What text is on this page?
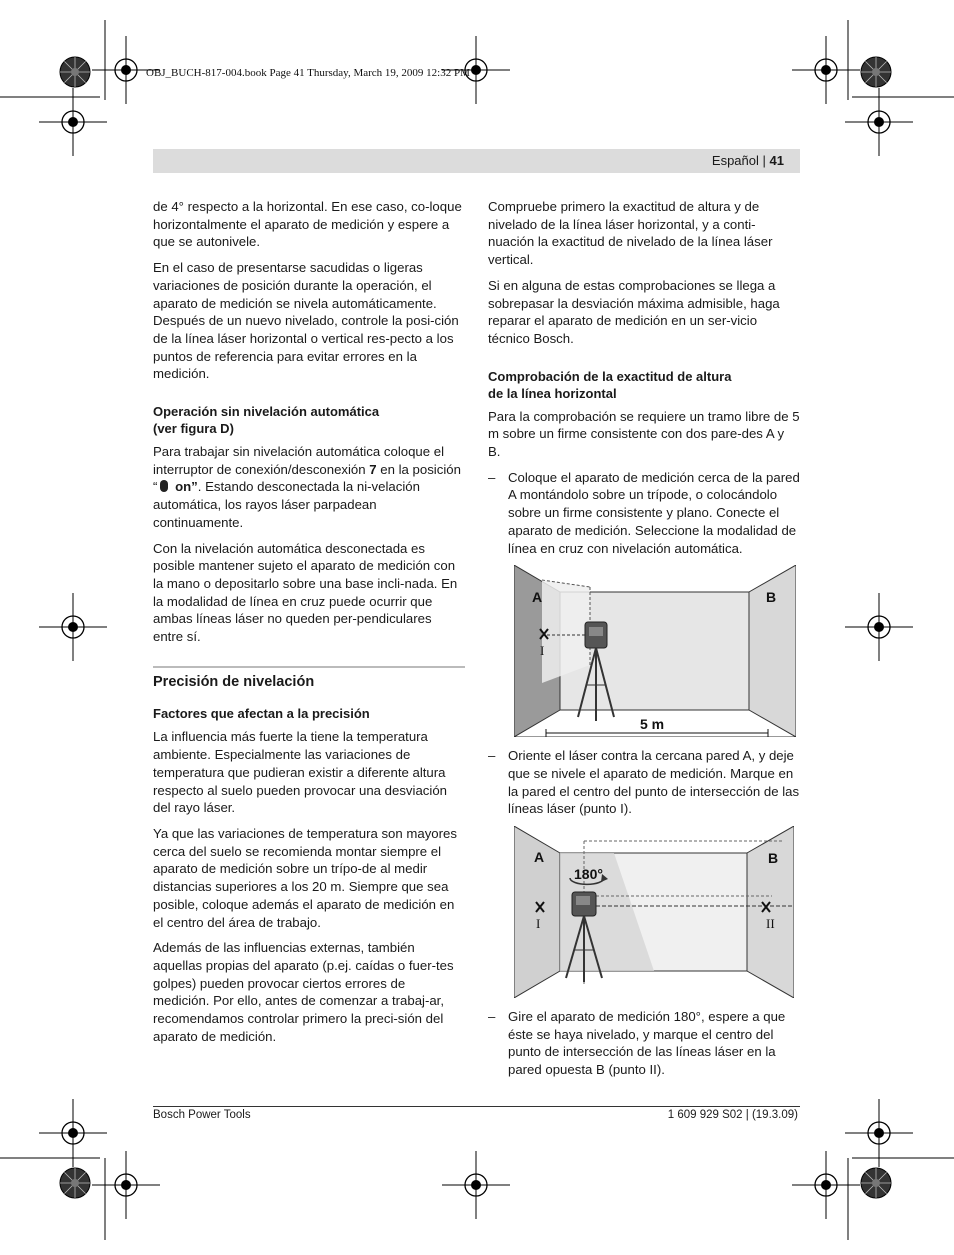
OBJ_BUCH-817-004.book Page 41 Thursday, March 19, 2009 12:32 PM
Español | 41

de 4° respecto a la horizontal. En ese caso, co-loque horizontalmente el aparato de medición y espere a que se autonivele.

En el caso de presentarse sacudidas o ligeras variaciones de posición durante la operación, el aparato de medición se nivela automáticamente. Después de un nuevo nivelado, controle la posi-ción de la línea láser horizontal o vertical res-pecto a los puntos de referencia para evitar errores en la medición.

Operación sin nivelación automática
(ver figura D)

Para trabajar sin nivelación automática coloque el interruptor de conexión/desconexión 7 en la posición “ on”. Estando desconectada la ni-velación automática, los rayos láser parpadean continuamente.

Con la nivelación automática desconectada es posible mantener sujeto el aparato de medición con la mano o depositarlo sobre una base incli-nada. En la modalidad de línea en cruz puede ocurrir que ambas líneas láser no queden per-pendiculares entre sí.

Precisión de nivelación
Factores que afectan a la precisión

La influencia más fuerte la tiene la temperatura ambiente. Especialmente las variaciones de temperatura que pudieran existir a diferente altura respecto al suelo pueden provocar una desviación del rayo láser.

Ya que las variaciones de temperatura son mayores cerca del suelo se recomienda montar siempre el aparato de medición sobre un trípo-de al medir distancias superiores a los 20 m. Siempre que sea posible, coloque además el aparato de medición en el centro del área de trabajo.

Además de las influencias externas, también aquellas propias del aparato (p.ej. caídas o fuer-tes golpes) pueden provocar ciertos errores de medición. Por ello, antes de comenzar a trabaj-ar, recomendamos controlar primero la preci-sión del aparato de medición.

Compruebe primero la exactitud de altura y de nivelado de la línea láser horizontal, y a conti-nuación la exactitud de nivelado de la línea láser vertical.

Si en alguna de estas comprobaciones se llega a sobrepasar la desviación máxima admisible, haga reparar el aparato de medición en un ser-vicio técnico Bosch.

Comprobación de la exactitud de altura
de la línea horizontal

Para la comprobación se requiere un tramo libre de 5 m sobre un firme consistente con dos pare-des A y B.

– Coloque el aparato de medición cerca de la pared A montándolo sobre un trípode, o colocándolo sobre un firme consistente y plano. Conecte el aparato de medición. Seleccione la modalidad de línea en cruz con nivelación automática.
A	B
I
5 m
– Oriente el láser contra la cercana pared A, y deje que se nivele el aparato de medición. Marque en la pared el centro del punto de intersección de las líneas láser (punto I).
A	B
180°
I	II
– Gire el aparato de medición 180°, espere a que éste se haya nivelado, y marque el centro del punto de intersección de las líneas láser en la pared opuesta B (punto II).
Bosch Power Tools	1 609 929 S02 | (19.3.09)
